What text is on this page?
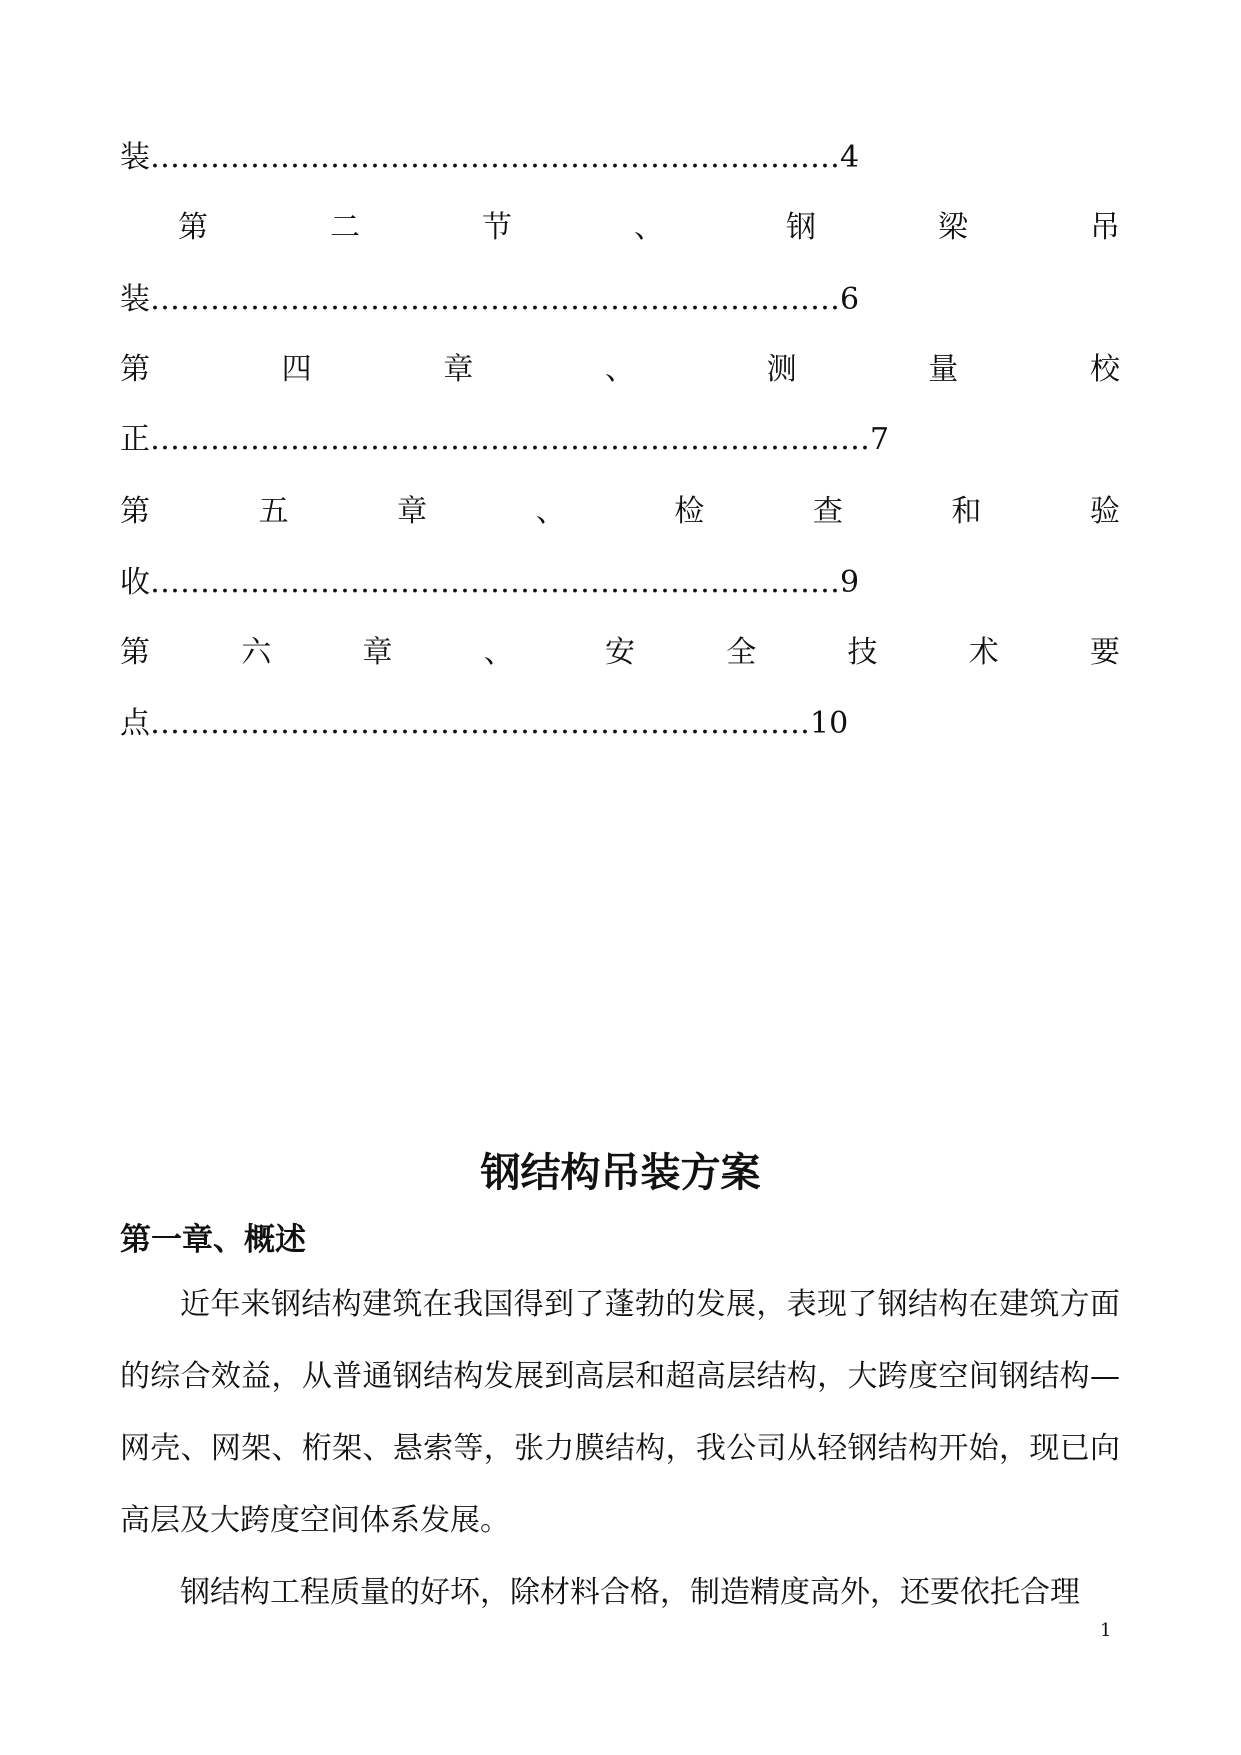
装……………………………………………………………4
第	二	节	、	钢	梁	吊
装……………………………………………………………6
第	四	章	、	测	量	校
正………………………………………………………………7
第	五	章	、	检	查	和	验
收……………………………………………………………9
第	六	章	、	安	全	技	术	要
点…………………………………………………………10
钢结构吊装方案
第一章、概述
近年来钢结构建筑在我国得到了蓬勃的发展，表现了钢结构在建筑方面的综合效益，从普通钢结构发展到高层和超高层结构，大跨度空间钢结构—网壳、网架、桁架、悬索等，张力膜结构，我公司从轻钢结构开始，现已向高层及大跨度空间体系发展。
钢结构工程质量的好坏，除材料合格，制造精度高外，还要依托合理
1
